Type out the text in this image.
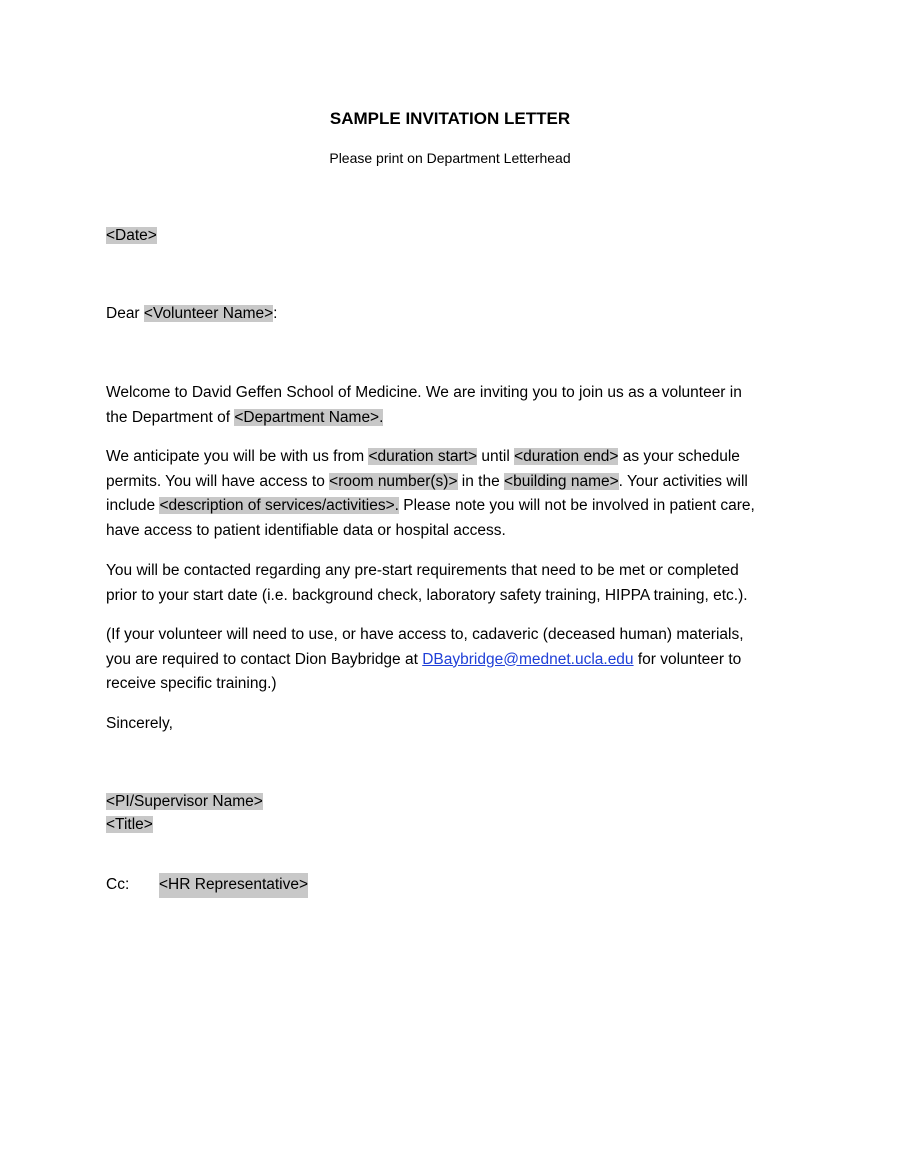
SAMPLE INVITATION LETTER
Please print on Department Letterhead
<Date>
Dear <Volunteer Name>:
Welcome to David Geffen School of Medicine. We are inviting you to join us as a volunteer in
the Department of <Department Name>.
We anticipate you will be with us from <duration start> until <duration end> as your schedule
permits. You will have access to <room number(s)> in the <building name>. Your activities will
include <description of services/activities>. Please note you will not be involved in patient care,
have access to patient identifiable data or hospital access.
You will be contacted regarding any pre-start requirements that need to be met or completed
prior to your start date (i.e. background check, laboratory safety training, HIPPA training, etc.).
(If your volunteer will need to use, or have access to, cadaveric (deceased human) materials,
you are required to contact Dion Baybridge at DBaybridge@mednet.ucla.edu for volunteer to
receive specific training.)
Sincerely,
<PI/Supervisor Name>
<Title>
Cc: <HR Representative>
